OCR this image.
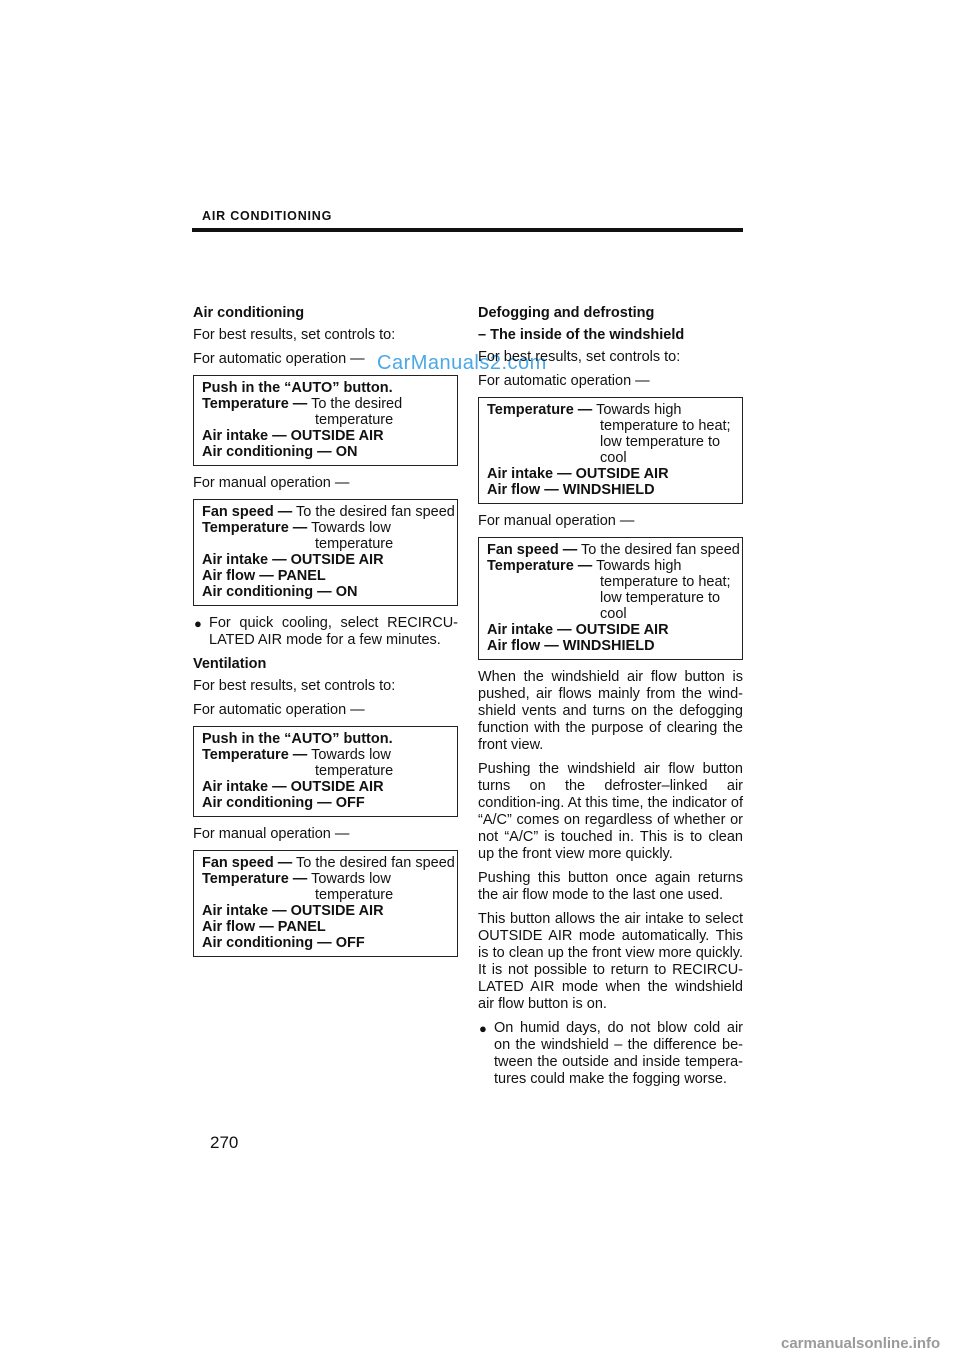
AIR CONDITIONING
CarManuals2.com
Air conditioning
For best results, set controls to:
For automatic operation —
Push in the “AUTO” button.
Temperature — To the desired
temperature
Air intake — OUTSIDE AIR
Air conditioning — ON
For manual operation —
Fan speed — To the desired fan speed
Temperature — Towards low
temperature
Air intake — OUTSIDE AIR
Air flow — PANEL
Air conditioning — ON
● For quick cooling, select RECIRCU-LATED AIR mode for a few minutes.
Ventilation
For best results, set controls to:
For automatic operation —
Push in the “AUTO” button.
Temperature — Towards low
temperature
Air intake — OUTSIDE AIR
Air conditioning — OFF
For manual operation —
Fan speed — To the desired fan speed
Temperature — Towards low
temperature
Air intake — OUTSIDE AIR
Air flow — PANEL
Air conditioning — OFF
Defogging and defrosting
– The inside of the windshield
For best results, set controls to:
For automatic operation —
Temperature — Towards high
temperature to heat;
low temperature to
cool
Air intake — OUTSIDE AIR
Air flow — WINDSHIELD
For manual operation —
Fan speed — To the desired fan speed
Temperature — Towards high
temperature to heat;
low temperature to
cool
Air intake — OUTSIDE AIR
Air flow — WINDSHIELD
When the windshield air flow button is pushed, air flows mainly from the wind-shield vents and turns on the defogging function with the purpose of clearing the front view.
Pushing the windshield air flow button turns on the defroster–linked air condition-ing. At this time, the indicator of “A/C” comes on regardless of whether or not “A/C” is touched in. This is to clean up the front view more quickly.
Pushing this button once again returns the air flow mode to the last one used.
This button allows the air intake to select OUTSIDE AIR mode automatically. This is to clean up the front view more quickly. It is not possible to return to RECIRCU-LATED AIR mode when the windshield air flow button is on.
● On humid days, do not blow cold air on the windshield – the difference be-tween the outside and inside tempera-tures could make the fogging worse.
270
carmanualsonline.info
